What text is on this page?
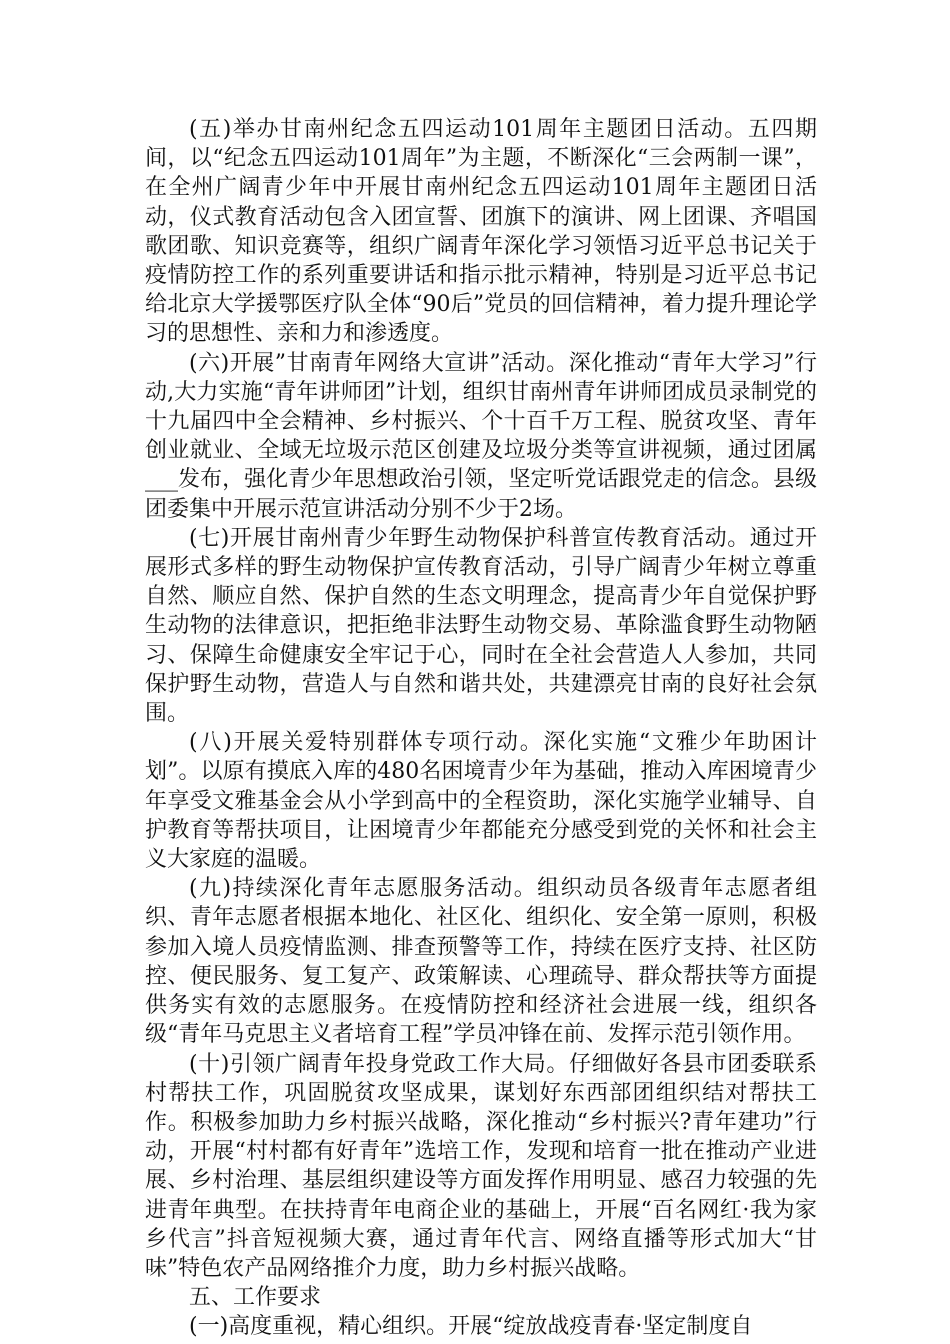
(五)举办甘南州纪念五四运动101周年主题团日活动。五四期间，以“纪念五四运动101周年”为主题，不断深化“三会两制一课”，在全州广阔青少年中开展甘南州纪念五四运动101周年主题团日活动，仪式教育活动包含入团宣誓、团旗下的演讲、网上团课、齐唱国歌团歌、知识竞赛等，组织广阔青年深化学习领悟习近平总书记关于疫情防控工作的系列重要讲话和指示批示精神，特别是习近平总书记给北京大学援鄂医疗队全体“90后”党员的回信精神，着力提升理论学习的思想性、亲和力和渗透度。

(六)开展”甘南青年网络大宣讲”活动。深化推动“青年大学习”行动,大力实施“青年讲师团”计划，组织甘南州青年讲师团成员录制党的十九届四中全会精神、乡村振兴、个十百千万工程、脱贫攻坚、青年创业就业、全域无垃圾示范区创建及垃圾分类等宣讲视频，通过团属___发布，强化青少年思想政治引领，坚定听党话跟党走的信念。县级团委集中开展示范宣讲活动分别不少于2场。

(七)开展甘南州青少年野生动物保护科普宣传教育活动。通过开展形式多样的野生动物保护宣传教育活动，引导广阔青少年树立尊重自然、顺应自然、保护自然的生态文明理念，提高青少年自觉保护野生动物的法律意识，把拒绝非法野生动物交易、革除滥食野生动物陋习、保障生命健康安全牢记于心，同时在全社会营造人人参加，共同保护野生动物，营造人与自然和谐共处，共建漂亮甘南的良好社会氛围。

(八)开展关爱特别群体专项行动。深化实施“文雅少年助困计划”。以原有摸底入库的480名困境青少年为基础，推动入库困境青少年享受文雅基金会从小学到高中的全程资助，深化实施学业辅导、自护教育等帮扶项目，让困境青少年都能充分感受到党的关怀和社会主义大家庭的温暖。

(九)持续深化青年志愿服务活动。组织动员各级青年志愿者组织、青年志愿者根据本地化、社区化、组织化、安全第一原则，积极参加入境人员疫情监测、排查预警等工作，持续在医疗支持、社区防控、便民服务、复工复产、政策解读、心理疏导、群众帮扶等方面提供务实有效的志愿服务。在疫情防控和经济社会进展一线，组织各级“青年马克思主义者培育工程”学员冲锋在前、发挥示范引领作用。

(十)引领广阔青年投身党政工作大局。仔细做好各县市团委联系村帮扶工作，巩固脱贫攻坚成果，谋划好东西部团组织结对帮扶工作。积极参加助力乡村振兴战略，深化推动“乡村振兴?青年建功”行动，开展“村村都有好青年”选培工作，发现和培育一批在推动产业进展、乡村治理、基层组织建设等方面发挥作用明显、感召力较强的先进青年典型。在扶持青年电商企业的基础上，开展“百名网红·我为家乡代言”抖音短视频大赛，通过青年代言、网络直播等形式加大“甘味”特色农产品网络推介力度，助力乡村振兴战略。

五、工作要求

(一)高度重视，精心组织。开展“绽放战疫青春·坚定制度自
